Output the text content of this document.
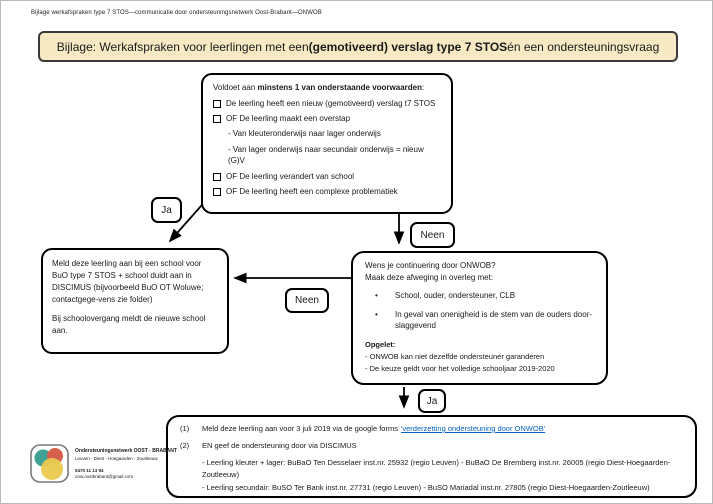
Bijlage werkafspraken type 7 STOS—communicatie door ondersteuningsnetwerk Oost-Brabant—ONWOB
Bijlage: Werkafspraken voor leerlingen met een (gemotiveerd) verslag type 7 STOS én een ondersteuningsvraag
Voldoet aan minstens 1 van onderstaande voorwaarden:
De leerling heeft een nieuw (gemotiveerd) verslag t7 STOS
OF De leerling maakt een overstap
- Van kleuteronderwijs naar lager onderwijs
- Van lager onderwijs naar secundair onderwijs = nieuw (G)V
OF De leerling verandert van school
OF De leerling heeft een complexe problematiek
Ja
Neen
Neen
Ja

Meld deze leerling aan bij een school voor BuO type 7 STOS + school duidt aan in DISCIMUS (bijvoorbeeld BuO OT Woluwe; contactgege-vens zie folder)

Bij schoolovergang meldt de nieuwe school aan.

Wens je continuering door ONWOB?
Maak deze afweging in overleg met:
•
School, ouder, ondersteuner, CLB
•
In geval van onenigheid is de stem van de ouders door-slaggevend
Opgelet:
- ONWOB kan niet dezelfde ondersteuner garanderen
- De keuze geldt voor het volledige schooljaar 2019-2020
(1)	Meld deze leerling aan voor 3 juli 2019 via de google forms 'verderzetting ondersteuning door ONWOB'
(2)	EN geef de ondersteuning door via DISCIMUS
- Leerling kleuter + lager: BuBaO Ten Desselaer inst.nr. 25932 (regio Leuven) - BuBaO De Bremberg inst.nr. 26005 (regio Diest-Hoegaarden-Zoutleeuw)
- Leerling secundair: BuSO Ter Bank inst.nr. 27731 (regio Leuven) - BuSO Mariadal inst.nr. 27805 (regio Diest-Hoegaarden-Zoutleeuw)
Ondersteuningsnetwerk OOST - BRABANT
Leuven - Diest - Hoegaarden - Zoutleeuw
0470 11 13 94
onw.oostbrabant@gmail.com
